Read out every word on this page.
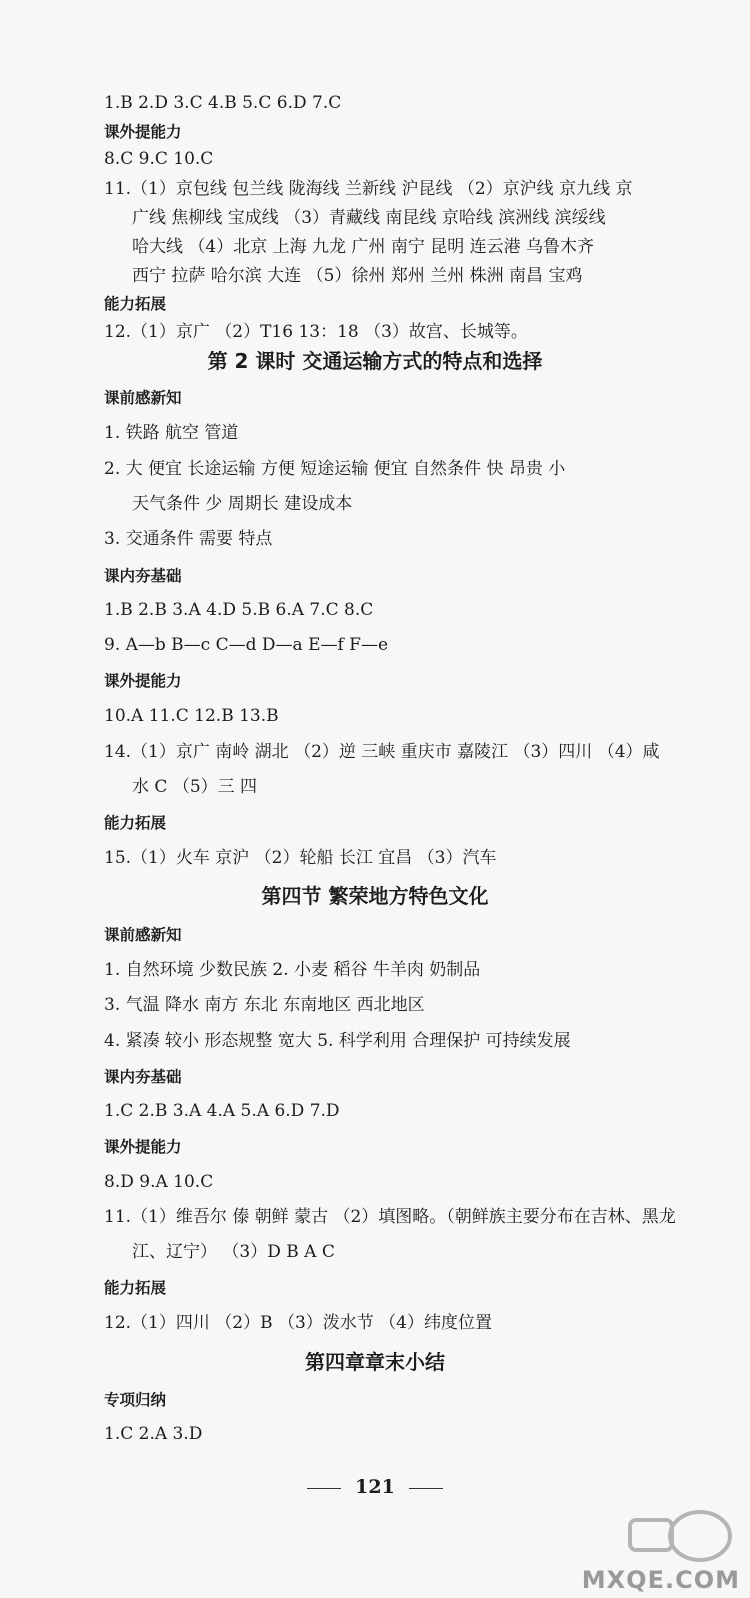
1.B 2.D 3.C 4.B 5.C 6.D 7.C
课外提能力
8.C 9.C 10.C
11.（1）京包线 包兰线 陇海线 兰新线 沪昆线 （2）京沪线 京九线 京
广线 焦柳线 宝成线 （3）青藏线 南昆线 京哈线 滨洲线 滨绥线
哈大线 （4）北京 上海 九龙 广州 南宁 昆明 连云港 乌鲁木齐
西宁 拉萨 哈尔滨 大连 （5）徐州 郑州 兰州 株洲 南昌 宝鸡
能力拓展
12.（1）京广 （2）T16 13：18 （3）故宫、长城等。
第 2 课时 交通运输方式的特点和选择
课前感新知
1. 铁路 航空 管道
2. 大 便宜 长途运输 方便 短途运输 便宜 自然条件 快 昂贵 小
天气条件 少 周期长 建设成本
3. 交通条件 需要 特点
课内夯基础
1.B 2.B 3.A 4.D 5.B 6.A 7.C 8.C
9. A—b B—c C—d D—a E—f F—e
课外提能力
10.A 11.C 12.B 13.B
14.（1）京广 南岭 湖北 （2）逆 三峡 重庆市 嘉陵江 （3）四川 （4）咸
水 C （5）三 四
能力拓展
15.（1）火车 京沪 （2）轮船 长江 宜昌 （3）汽车
第四节 繁荣地方特色文化
课前感新知
1. 自然环境 少数民族 2. 小麦 稻谷 牛羊肉 奶制品
3. 气温 降水 南方 东北 东南地区 西北地区
4. 紧凑 较小 形态规整 宽大 5. 科学利用 合理保护 可持续发展
课内夯基础
1.C 2.B 3.A 4.A 5.A 6.D 7.D
课外提能力
8.D 9.A 10.C
11.（1）维吾尔 傣 朝鲜 蒙古 （2）填图略。（朝鲜族主要分布在吉林、黑龙
江、辽宁） （3）D B A C
能力拓展
12.（1）四川 （2）B （3）泼水节 （4）纬度位置
第四章章末小结
专项归纳
1.C 2.A 3.D
121
MXQE.COM
